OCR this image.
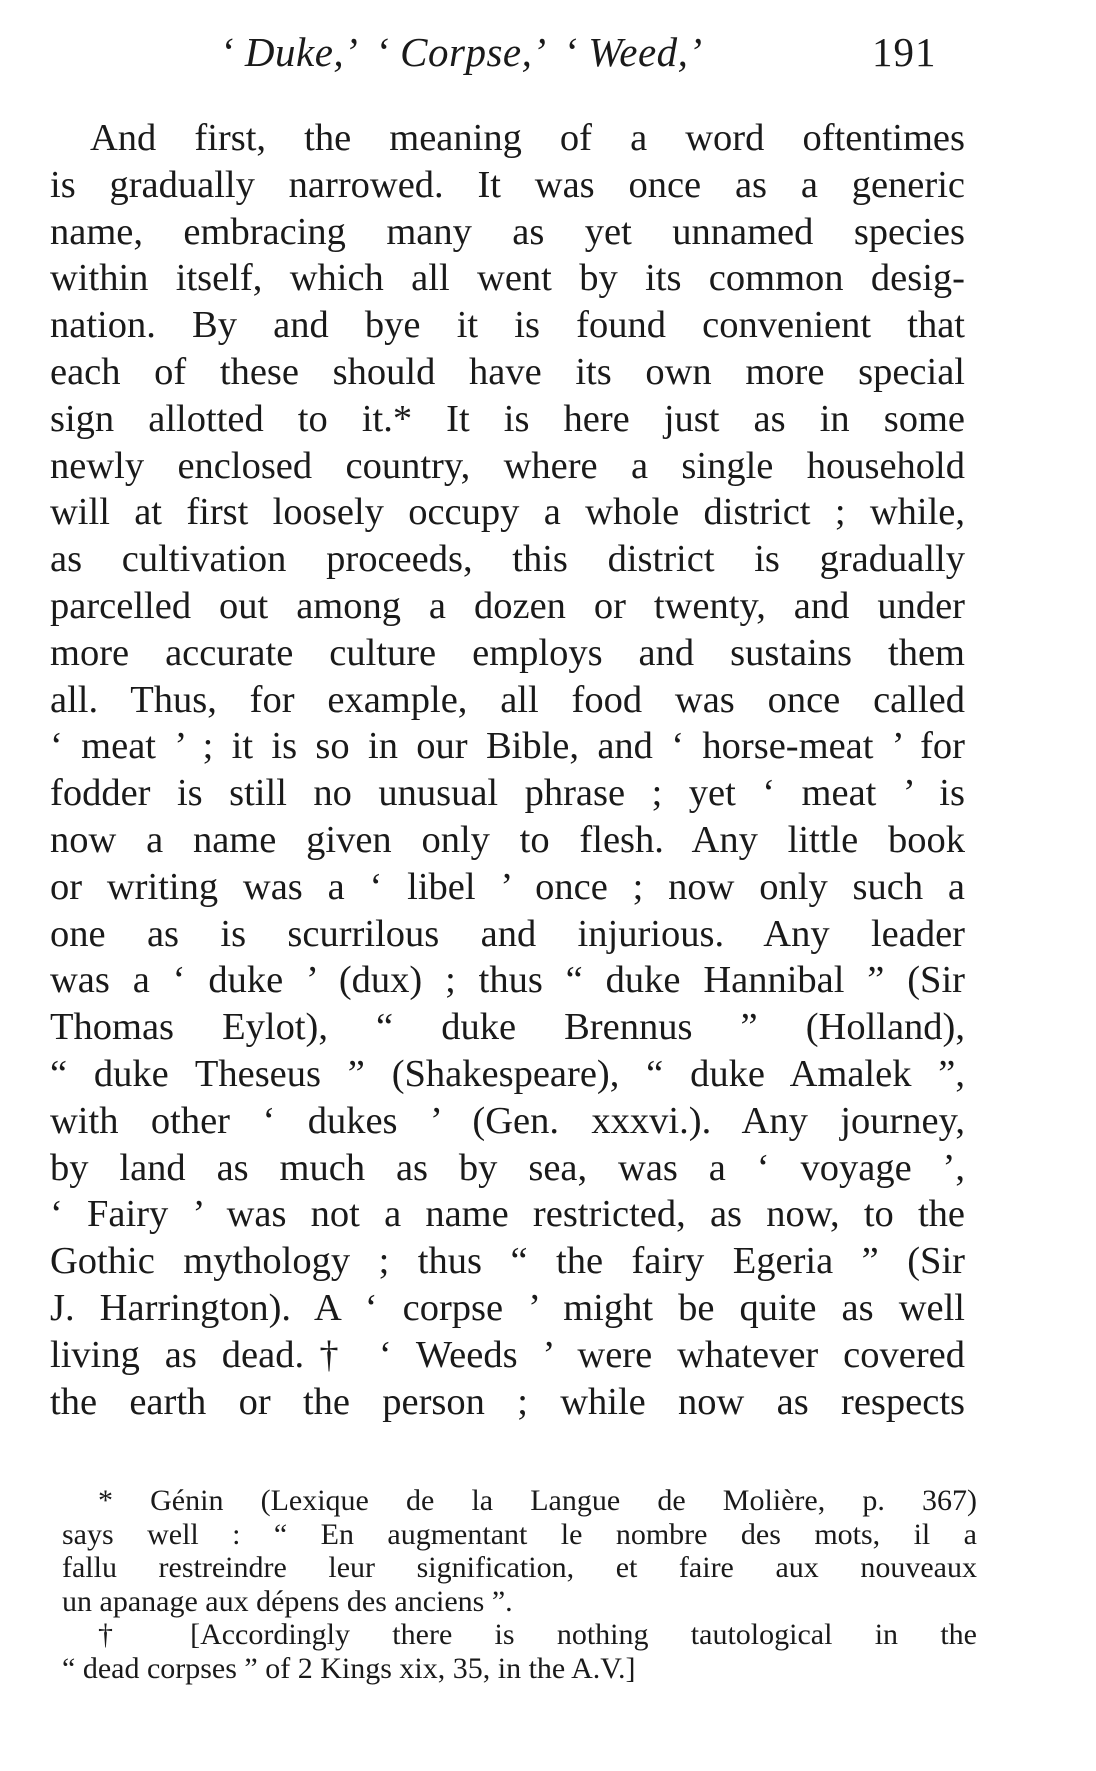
‘ Duke,’  ‘ Corpse,’  ‘ Weed,’	191
And first, the meaning of a word oftentimes
is gradually narrowed. It was once as a generic
name, embracing many as yet unnamed species
within itself, which all went by its common desig-
nation. By and bye it is found convenient that
each of these should have its own more special
sign allotted to it.* It is here just as in some
newly enclosed country, where a single household
will at first loosely occupy a whole district ; while,
as cultivation proceeds, this district is gradually
parcelled out among a dozen or twenty, and under
more accurate culture employs and sustains them
all. Thus, for example, all food was once called
‘ meat ’ ; it is so in our Bible, and ‘ horse-meat ’ for
fodder is still no unusual phrase ; yet ‘ meat ’ is
now a name given only to flesh. Any little book
or writing was a ‘ libel ’ once ; now only such a
one as is scurrilous and injurious. Any leader
was a ‘ duke ’ (dux) ; thus “ duke Hannibal ” (Sir
Thomas Eylot), “ duke Brennus ” (Holland),
“ duke Theseus ” (Shakespeare), “ duke Amalek ”,
with other ‘ dukes ’ (Gen. xxxvi.). Any journey,
by land as much as by sea, was a ‘ voyage ’,
‘ Fairy ’ was not a name restricted, as now, to the
Gothic mythology ; thus “ the fairy Egeria ” (Sir
J. Harrington). A ‘ corpse ’ might be quite as well
living as dead.† ‘ Weeds ’ were whatever covered
the earth or the person ; while now as respects
* Génin (Lexique de la Langue de Molière, p. 367)
says well : “ En augmentant le nombre des mots, il a
fallu restreindre leur signification, et faire aux nouveaux
un apanage aux dépens des anciens ”.
† [Accordingly there is nothing tautological in the
“ dead corpses ” of 2 Kings xix, 35, in the A.V.]
